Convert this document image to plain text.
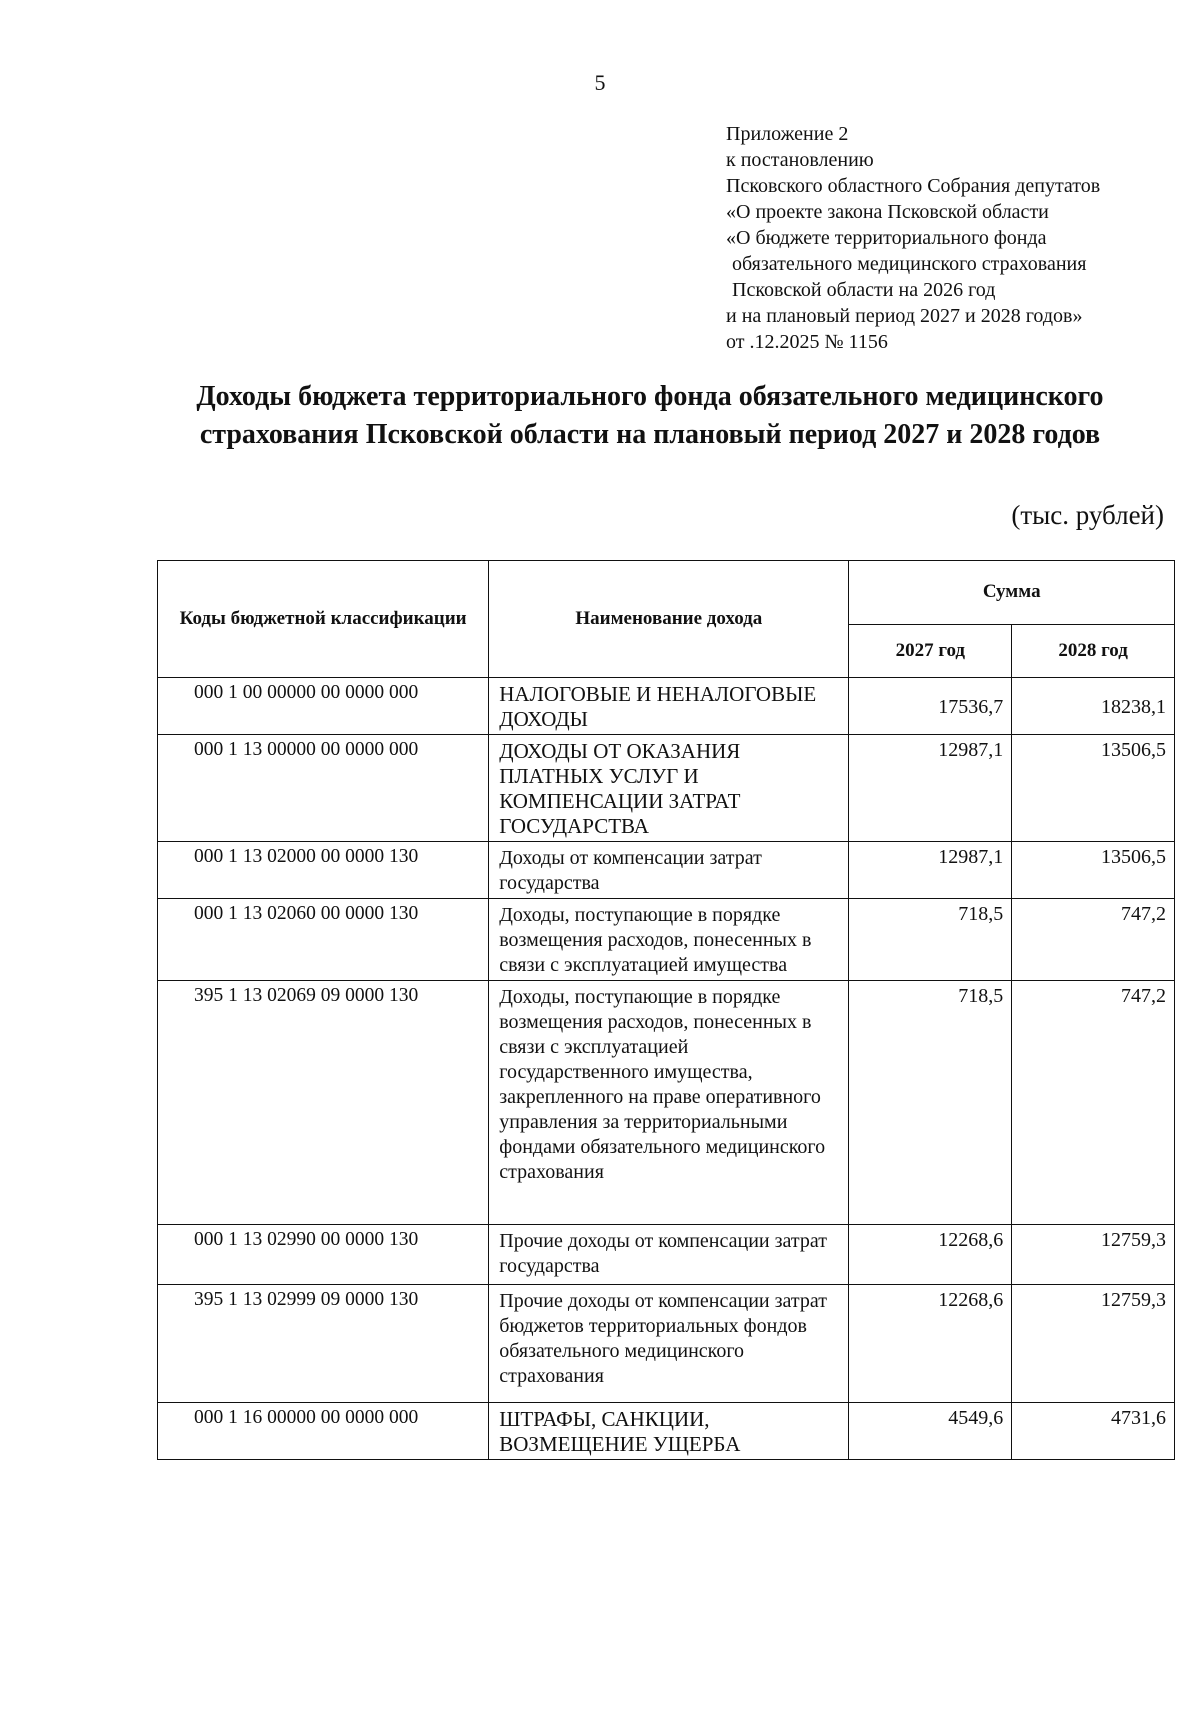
5
Приложение 2
к постановлению
Псковского областного Собрания депутатов
«О проекте закона Псковской области
«О бюджете территориального фонда
обязательного медицинского страхования
Псковской области на 2026 год
и на плановый период 2027 и 2028 годов»
от .12.2025 № 1156
Доходы бюджета территориального фонда обязательного медицинского
страхования Псковской области на плановый период 2027 и 2028 годов
(тыс. рублей)
Коды бюджетной классификации	Наименование дохода	Сумма	
		2027 год	2028 год
000 1 00 00000 00 0000 000	НАЛОГОВЫЕ И НЕНАЛОГОВЫЕ ДОХОДЫ	17536,7	18238,1
000 1 13 00000 00 0000 000	ДОХОДЫ ОТ ОКАЗАНИЯ ПЛАТНЫХ УСЛУГ И КОМПЕНСАЦИИ ЗАТРАТ ГОСУДАРСТВА	12987,1	13506,5
000 1 13 02000 00 0000 130	Доходы от компенсации затрат государства	12987,1	13506,5
000 1 13 02060 00 0000 130	Доходы, поступающие в порядке возмещения расходов, понесенных в связи с эксплуатацией имущества	718,5	747,2
395 1 13 02069 09 0000 130	Доходы, поступающие в порядке возмещения расходов, понесенных в связи с эксплуатацией государственного имущества, закрепленного на праве оперативного управления за территориальными фондами обязательного медицинского страхования	718,5	747,2
000 1 13 02990 00 0000 130	Прочие доходы от компенсации затрат государства	12268,6	12759,3
395 1 13 02999 09 0000 130	Прочие доходы от компенсации затрат бюджетов территориальных фондов обязательного медицинского страхования	12268,6	12759,3
000 1 16 00000 00 0000 000	ШТРАФЫ, САНКЦИИ, ВОЗМЕЩЕНИЕ УЩЕРБА	4549,6	4731,6
